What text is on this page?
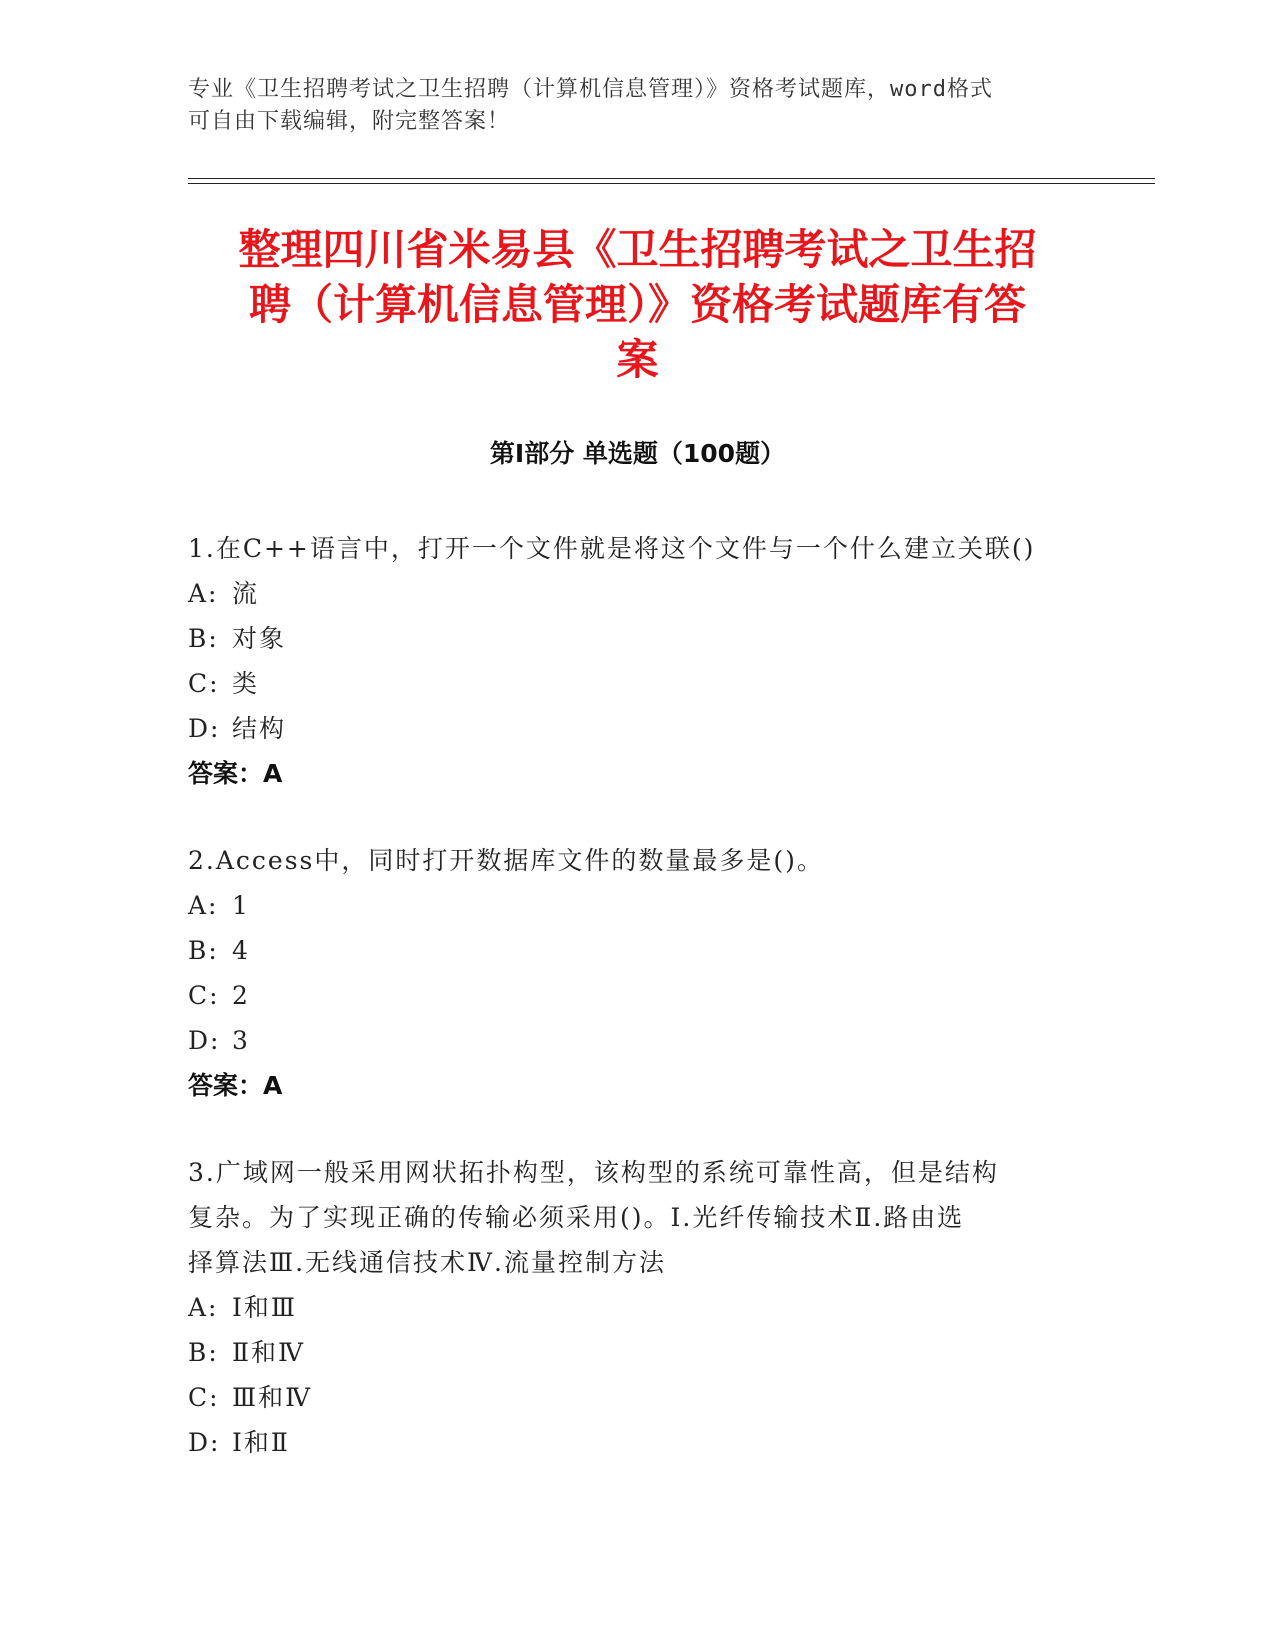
专业《卫生招聘考试之卫生招聘（计算机信息管理）》资格考试题库，word格式
可自由下载编辑，附完整答案！
整理四川省米易县《卫生招聘考试之卫生招
聘（计算机信息管理）》资格考试题库有答
案
第Ⅰ部分 单选题（100题）
1.在C++语言中，打开一个文件就是将这个文件与一个什么建立关联()
A: 流
B: 对象
C: 类
D: 结构
答案：A
2.Access中，同时打开数据库文件的数量最多是()。
A: 1
B: 4
C: 2
D: 3
答案：A
3.广域网一般采用网状拓扑构型，该构型的系统可靠性高，但是结构
复杂。为了实现正确的传输必须采用()。Ⅰ.光纤传输技术Ⅱ.路由选
择算法Ⅲ.无线通信技术Ⅳ.流量控制方法
A: Ⅰ和Ⅲ
B: Ⅱ和Ⅳ
C: Ⅲ和Ⅳ
D: Ⅰ和Ⅱ
